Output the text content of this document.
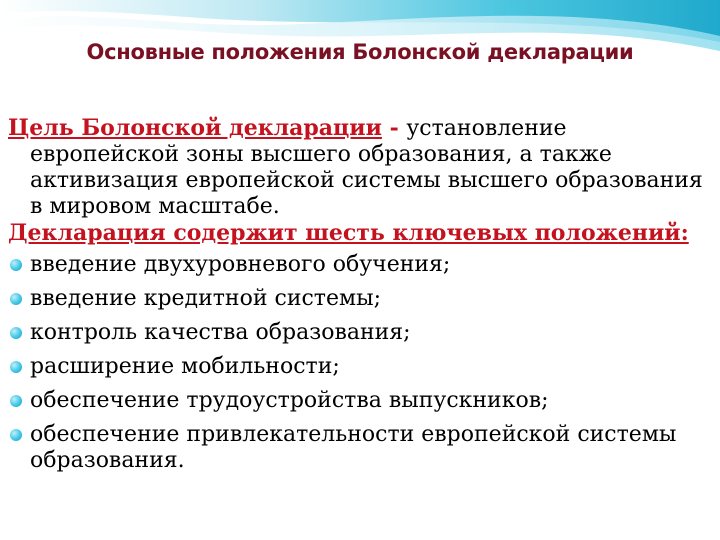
Основные положения Болонской декларации

Цель Болонской декларации - установление европейской зоны высшего образования, а также активизация европейской системы высшего образования в мировом масштабе.

Декларация содержит шесть ключевых положений:

введение двухуровневого обучения;
введение кредитной системы;
контроль качества образования;
расширение мобильности;
обеспечение трудоустройства выпускников;
обеспечение привлекательности европейской системы образования.
